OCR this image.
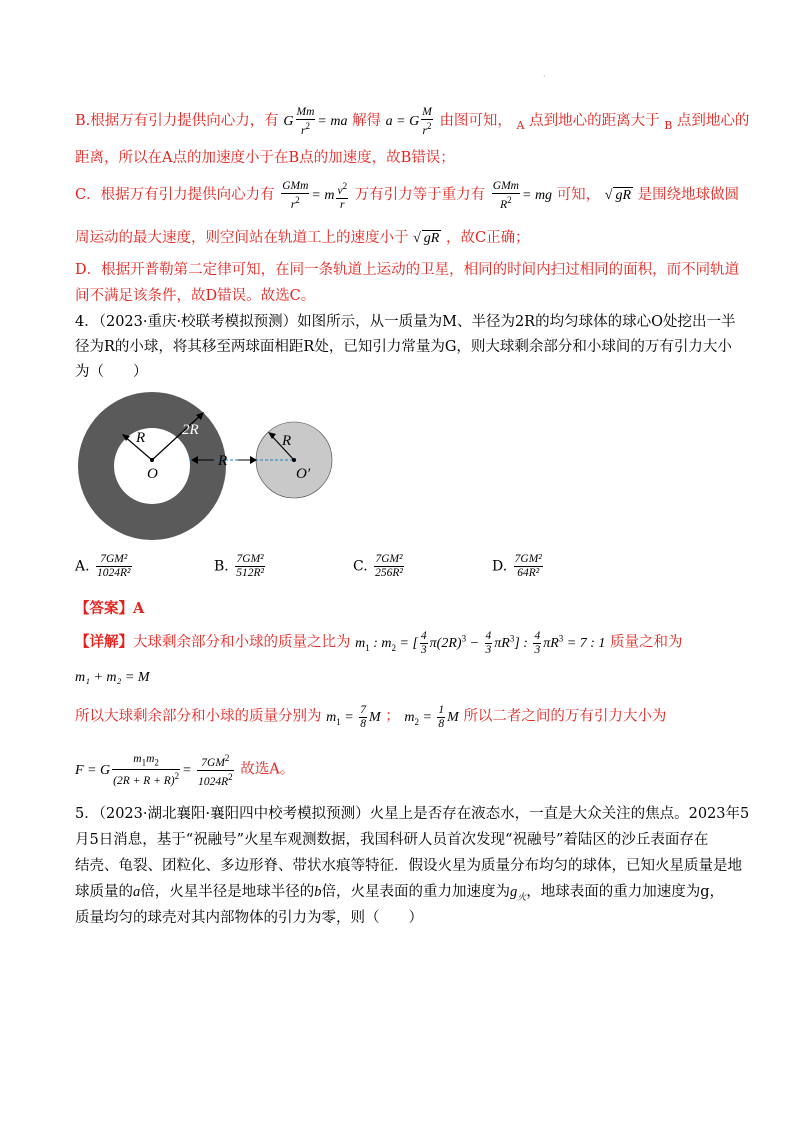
·
B.根据万有引力提供向心力，有 G $\frac{Mm}{r^2}$ = ma 解得 a = G $\frac{M}{r^2}$ 由图可知， $_A$ 点到地心的距离大于 $_B$ 点到地心的
距离，所以在A点的加速度小于在B点的加速度，故B错误；
C．根据万有引力提供向心力有 $\frac{\text{GMm}}{r^2} = m \frac{v^2}{r}$ 万有引力等于重力有 $\frac{\text{GMm}}{R^2}$ = mg 可知， √ gR 是围绕地球做圆
周运动的最大速度，则空间站在轨道工上的速度小于 √ gR ，故C正确；
D．根据开普勒第二定律可知，在同一条轨道上运动的卫星，相同的时间内扫过相同的面积，而不同轨道
间不满足该条件，故D错误。故选C。
4．（2023·重庆·校联考模拟预测）如图所示，从一质量为M、半径为2R的均匀球体的球心O处挖出一半
径为R的小球，将其移至两球面相距R处，已知引力常量为G，则大球剩余部分和小球间的万有引力大小
为（　　）
R 2R
O
R
R
O′
A. $\frac{\text{7GM²}}{\text{1024R²}}$	B. $\frac{\text{7GM²}}{\text{512R²}}$	C. $\frac{\text{7GM²}}{\text{256R²}}$	D. $\frac{\text{7GM²}}{\text{64R²}}$
【答案】A
【详解】大球剩余部分和小球的质量之比为 $m_1$ : $m_2$ = [ $\frac{4}{3} \pi(2R)^3 - \frac{4}{3} \pi R^3$] : $\frac{4}{3} \pi R^3 = 7$ : 1 质量之和为
m₁ + m₂ = M
所以大球剩余部分和小球的质量分别为 $m_1 = \frac{7}{8}$ M ； $m_2 = \frac{1}{8}$ M 所以二者之间的万有引力大小为
F = G $\frac{m_1m_2}{(2R + R + R)^2} = \frac{7GM^2}{1024R^2}$ 故选A。
5．（2023·湖北襄阳·襄阳四中校考模拟预测）火星上是否存在液态水，一直是大众关注的焦点。2023年5
月5日消息，基于“祝融号”火星车观测数据，我国科研人员首次发现“祝融号”着陆区的沙丘表面存在
结壳、龟裂、团粒化、多边形脊、带状水痕等特征．假设火星为质量分布均匀的球体，已知火星质量是地
球质量的a倍，火星半径是地球半径的b倍，火星表面的重力加速度为$g_火$，地球表面的重力加速度为g，
质量均匀的球壳对其内部物体的引力为零，则（　　）
